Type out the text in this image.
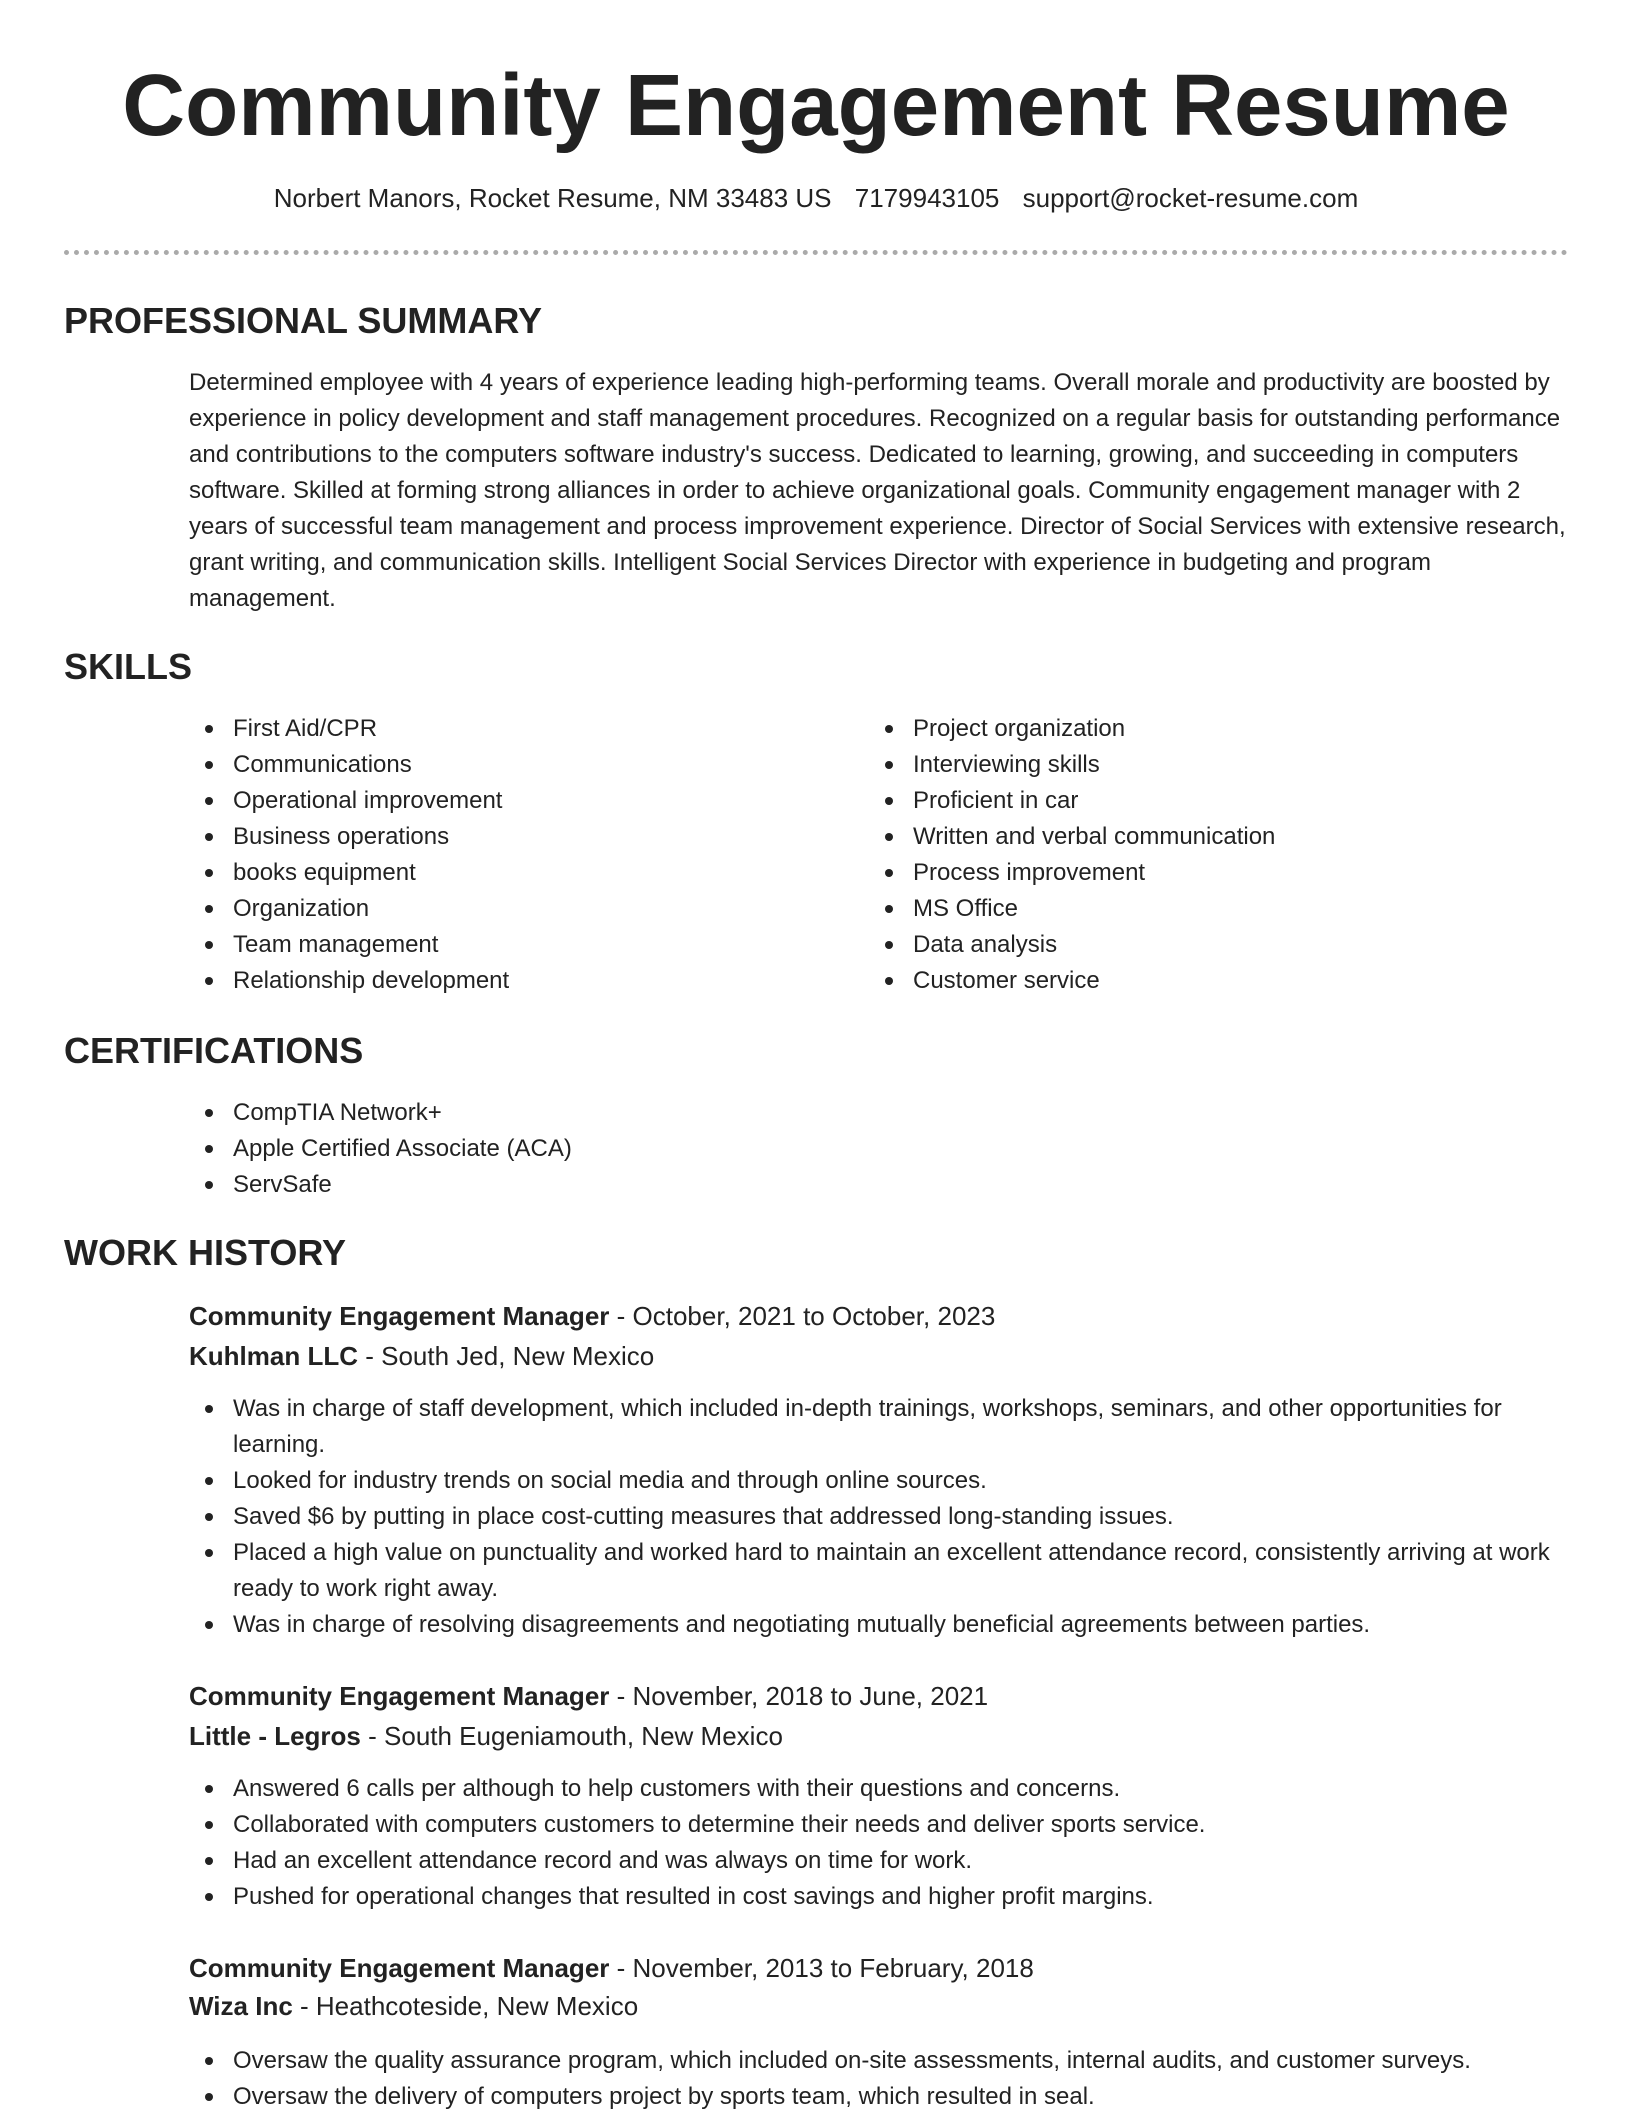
Community Engagement Resume
Norbert Manors, Rocket Resume, NM 33483 US 7179943105 support@rocket-resume.com
PROFESSIONAL SUMMARY

Determined employee with 4 years of experience leading high-performing teams. Overall morale and productivity are boosted by experience in policy development and staff management procedures. Recognized on a regular basis for outstanding performance and contributions to the computers software industry's success. Dedicated to learning, growing, and succeeding in computers software. Skilled at forming strong alliances in order to achieve organizational goals. Community engagement manager with 2 years of successful team management and process improvement experience. Director of Social Services with extensive research, grant writing, and communication skills. Intelligent Social Services Director with experience in budgeting and program management.

SKILLS
First Aid/CPR
Communications
Operational improvement
Business operations
books equipment
Organization
Team management
Relationship development
Project organization
Interviewing skills
Proficient in car
Written and verbal communication
Process improvement
MS Office
Data analysis
Customer service
CERTIFICATIONS
CompTIA Network+
Apple Certified Associate (ACA)
ServSafe
WORK HISTORY
Community Engagement Manager - October, 2021 to October, 2023
Kuhlman LLC - South Jed, New Mexico
Was in charge of staff development, which included in-depth trainings, workshops, seminars, and other opportunities for learning.
Looked for industry trends on social media and through online sources.
Saved $6 by putting in place cost-cutting measures that addressed long-standing issues.
Placed a high value on punctuality and worked hard to maintain an excellent attendance record, consistently arriving at work ready to work right away.
Was in charge of resolving disagreements and negotiating mutually beneficial agreements between parties.
Community Engagement Manager - November, 2018 to June, 2021
Little - Legros - South Eugeniamouth, New Mexico
Answered 6 calls per although to help customers with their questions and concerns.
Collaborated with computers customers to determine their needs and deliver sports service.
Had an excellent attendance record and was always on time for work.
Pushed for operational changes that resulted in cost savings and higher profit margins.
Community Engagement Manager - November, 2013 to February, 2018
Wiza Inc - Heathcoteside, New Mexico
Oversaw the quality assurance program, which included on-site assessments, internal audits, and customer surveys.
Oversaw the delivery of computers project by sports team, which resulted in seal.
